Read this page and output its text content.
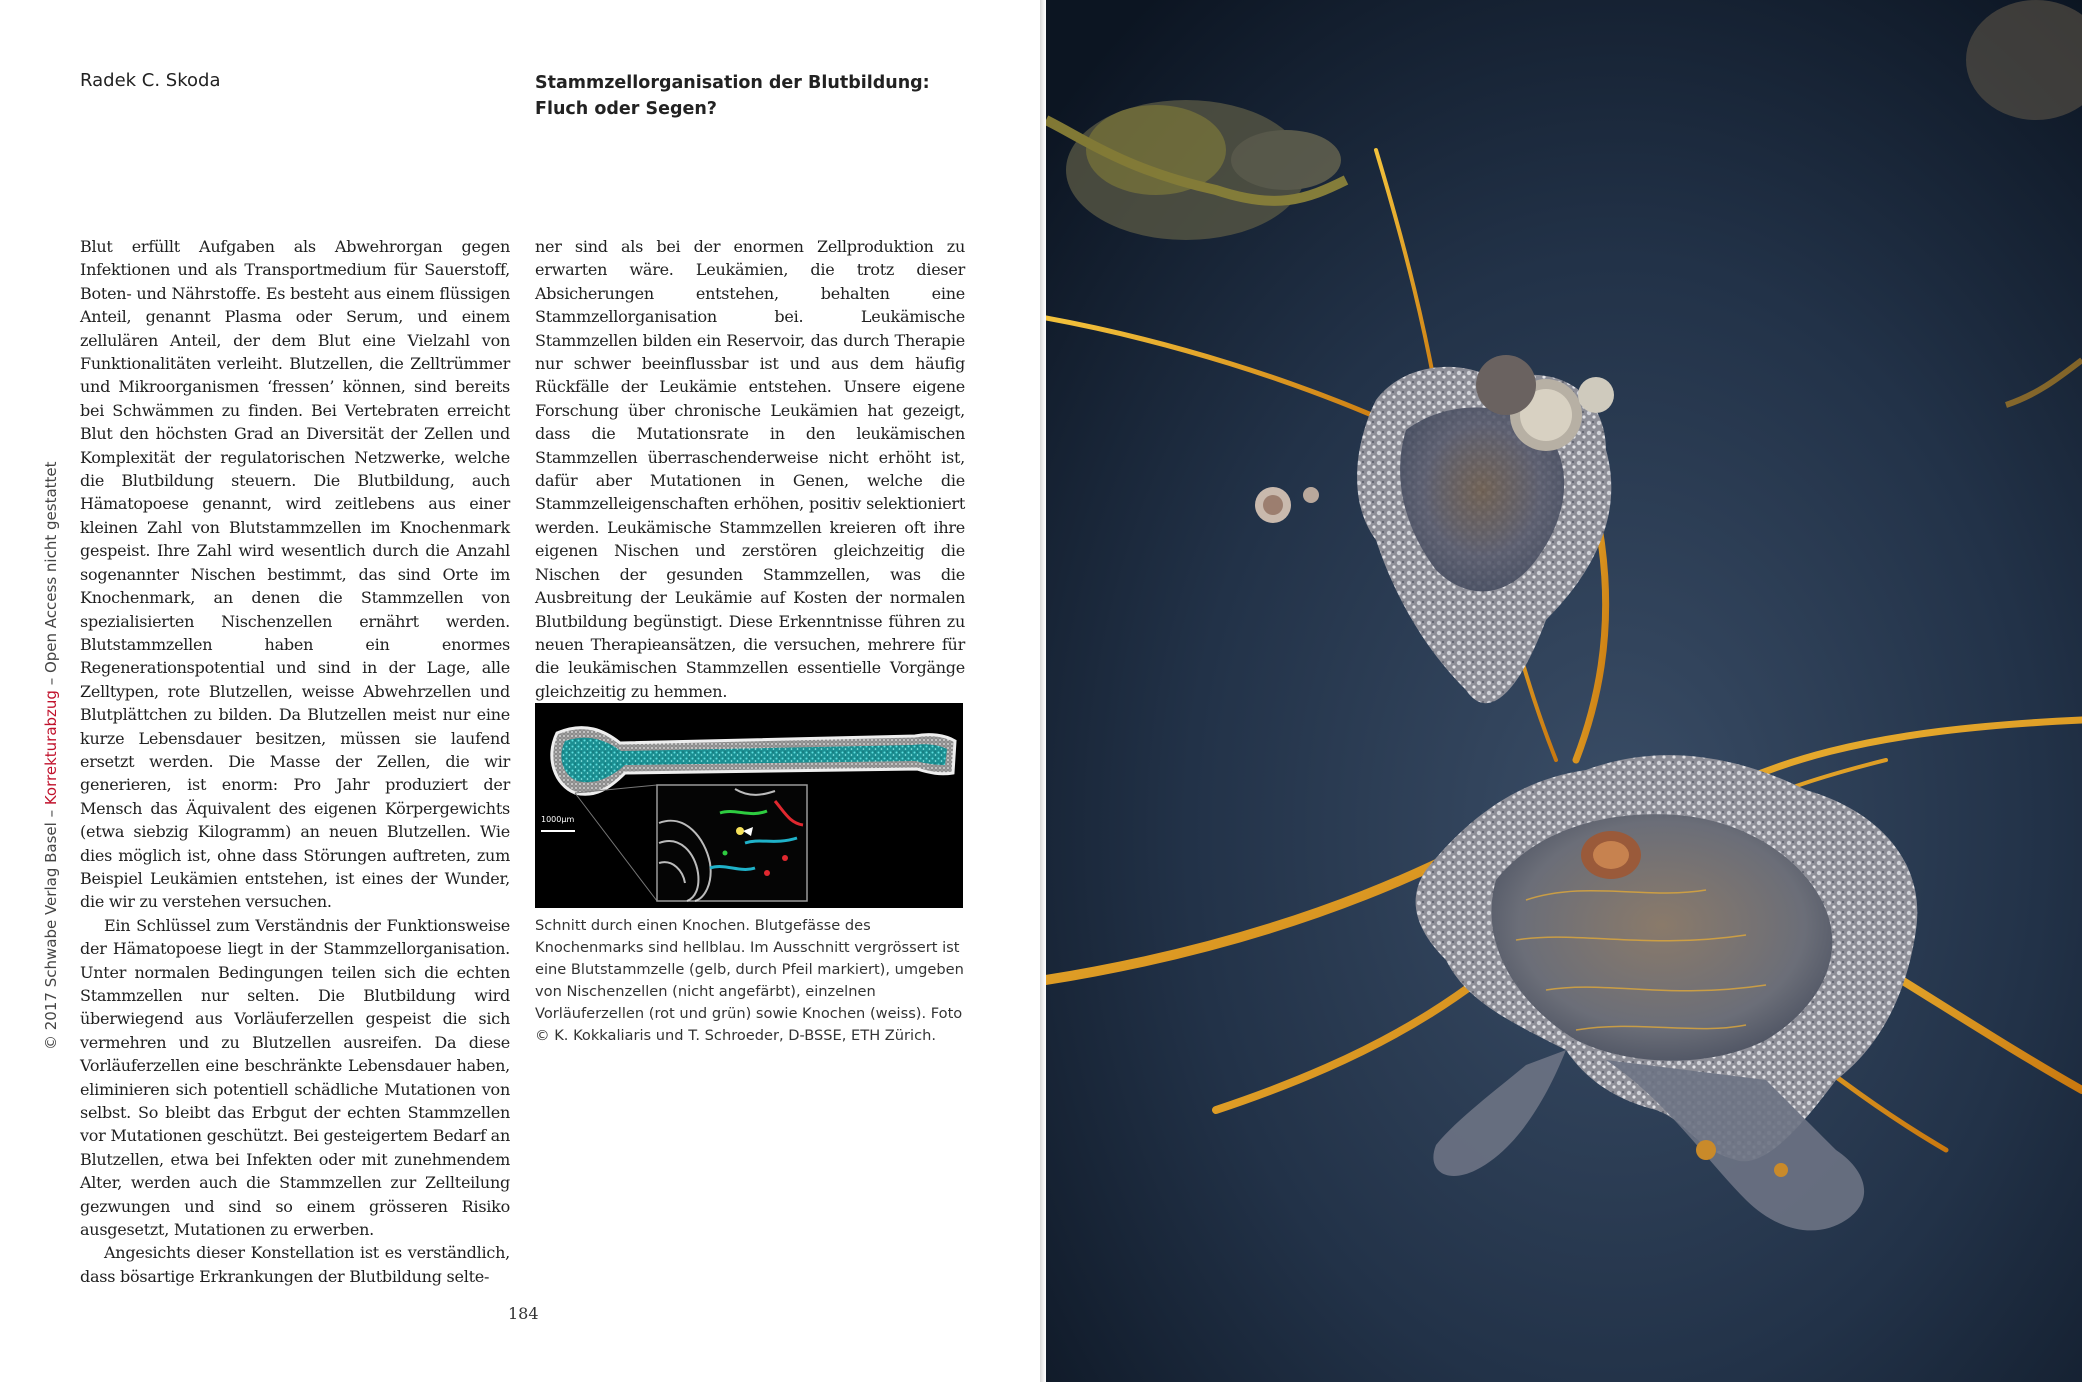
Radek C. Skoda	Stammzellorganisation der Blutbildung:
Fluch oder Segen?

Blut erfüllt Aufgaben als Abwehrorgan gegen Infektionen und als Transportmedium für Sauerstoff, Boten- und Nährstoffe. Es besteht aus einem flüssigen Anteil, genannt Plasma oder Serum, und einem zellulären Anteil, der dem Blut eine Vielzahl von Funktionalitäten verleiht. Blutzellen, die Zelltrümmer und Mikroorganismen ‘fressen’ können, sind bereits bei Schwämmen zu finden. Bei Vertebraten erreicht Blut den höchsten Grad an Diversität der Zellen und Komplexität der regulatorischen Netzwerke, welche die Blutbildung steuern. Die Blutbildung, auch Hämatopoese genannt, wird zeitlebens aus einer kleinen Zahl von Blutstammzellen im Knochenmark gespeist. Ihre Zahl wird wesentlich durch die Anzahl sogenannter Nischen bestimmt, das sind Orte im Knochenmark, an denen die Stammzellen von spezialisierten Nischenzellen ernährt werden. Blutstammzellen haben ein enormes Regenerationspotential und sind in der Lage, alle Zelltypen, rote Blutzellen, weisse Abwehrzellen und Blutplättchen zu bilden. Da Blutzellen meist nur eine kurze Lebensdauer besitzen, müssen sie laufend ersetzt werden. Die Masse der Zellen, die wir generieren, ist enorm: Pro Jahr produziert der Mensch das Äquivalent des eigenen Körpergewichts (etwa siebzig Kilogramm) an neuen Blutzellen. Wie dies möglich ist, ohne dass Störungen auftreten, zum Beispiel Leukämien entstehen, ist eines der Wunder, die wir zu verstehen versuchen.

Ein Schlüssel zum Verständnis der Funktionsweise der Hämatopoese liegt in der Stammzellorganisation. Unter normalen Bedingungen teilen sich die echten Stammzellen nur selten. Die Blutbildung wird überwiegend aus Vorläuferzellen gespeist die sich vermehren und zu Blutzellen ausreifen. Da diese Vorläuferzellen eine beschränkte Lebensdauer haben, eliminieren sich potentiell schädliche Mutationen von selbst. So bleibt das Erbgut der echten Stammzellen vor Mutationen geschützt. Bei gesteigertem Bedarf an Blutzellen, etwa bei Infekten oder mit zunehmendem Alter, werden auch die Stammzellen zur Zellteilung gezwungen und sind so einem grösseren Risiko ausgesetzt, Mutationen zu erwerben.

Angesichts dieser Konstellation ist es verständlich, dass bösartige Erkrankungen der Blutbildung selte-

ner sind als bei der enormen Zellproduktion zu erwarten wäre. Leukämien, die trotz dieser Absicherungen entstehen, behalten eine Stammzellorganisation bei. Leukämische Stammzellen bilden ein Reservoir, das durch Therapie nur schwer beeinflussbar ist und aus dem häufig Rückfälle der Leukämie entstehen. Unsere eigene Forschung über chronische Leukämien hat gezeigt, dass die Mutationsrate in den leukämischen Stammzellen überraschenderweise nicht erhöht ist, dafür aber Mutationen in Genen, welche die Stammzelleigenschaften erhöhen, positiv selektioniert werden. Leukämische Stammzellen kreieren oft ihre eigenen Nischen und zerstören gleichzeitig die Nischen der gesunden Stammzellen, was die Ausbreitung der Leukämie auf Kosten der normalen Blutbildung begünstigt. Diese Erkenntnisse führen zu neuen Therapieansätzen, die versuchen, mehrere für die leukämischen Stammzellen essentielle Vorgänge gleichzeitig zu hemmen.

1000μm
Schnitt durch einen Knochen. Blutgefässe des Knochenmarks sind hellblau. Im Ausschnitt vergrössert ist eine Blutstammzelle (gelb, durch Pfeil markiert), umgeben von Nischenzellen (nicht angefärbt), einzelnen Vorläuferzellen (rot und grün) sowie Knochen (weiss). Foto © K. Kokkaliaris und T. Schroeder, D-BSSE, ETH Zürich.
184
© 2017 Schwabe Verlag Basel – Korrekturabzug – Open Access nicht gestattet
